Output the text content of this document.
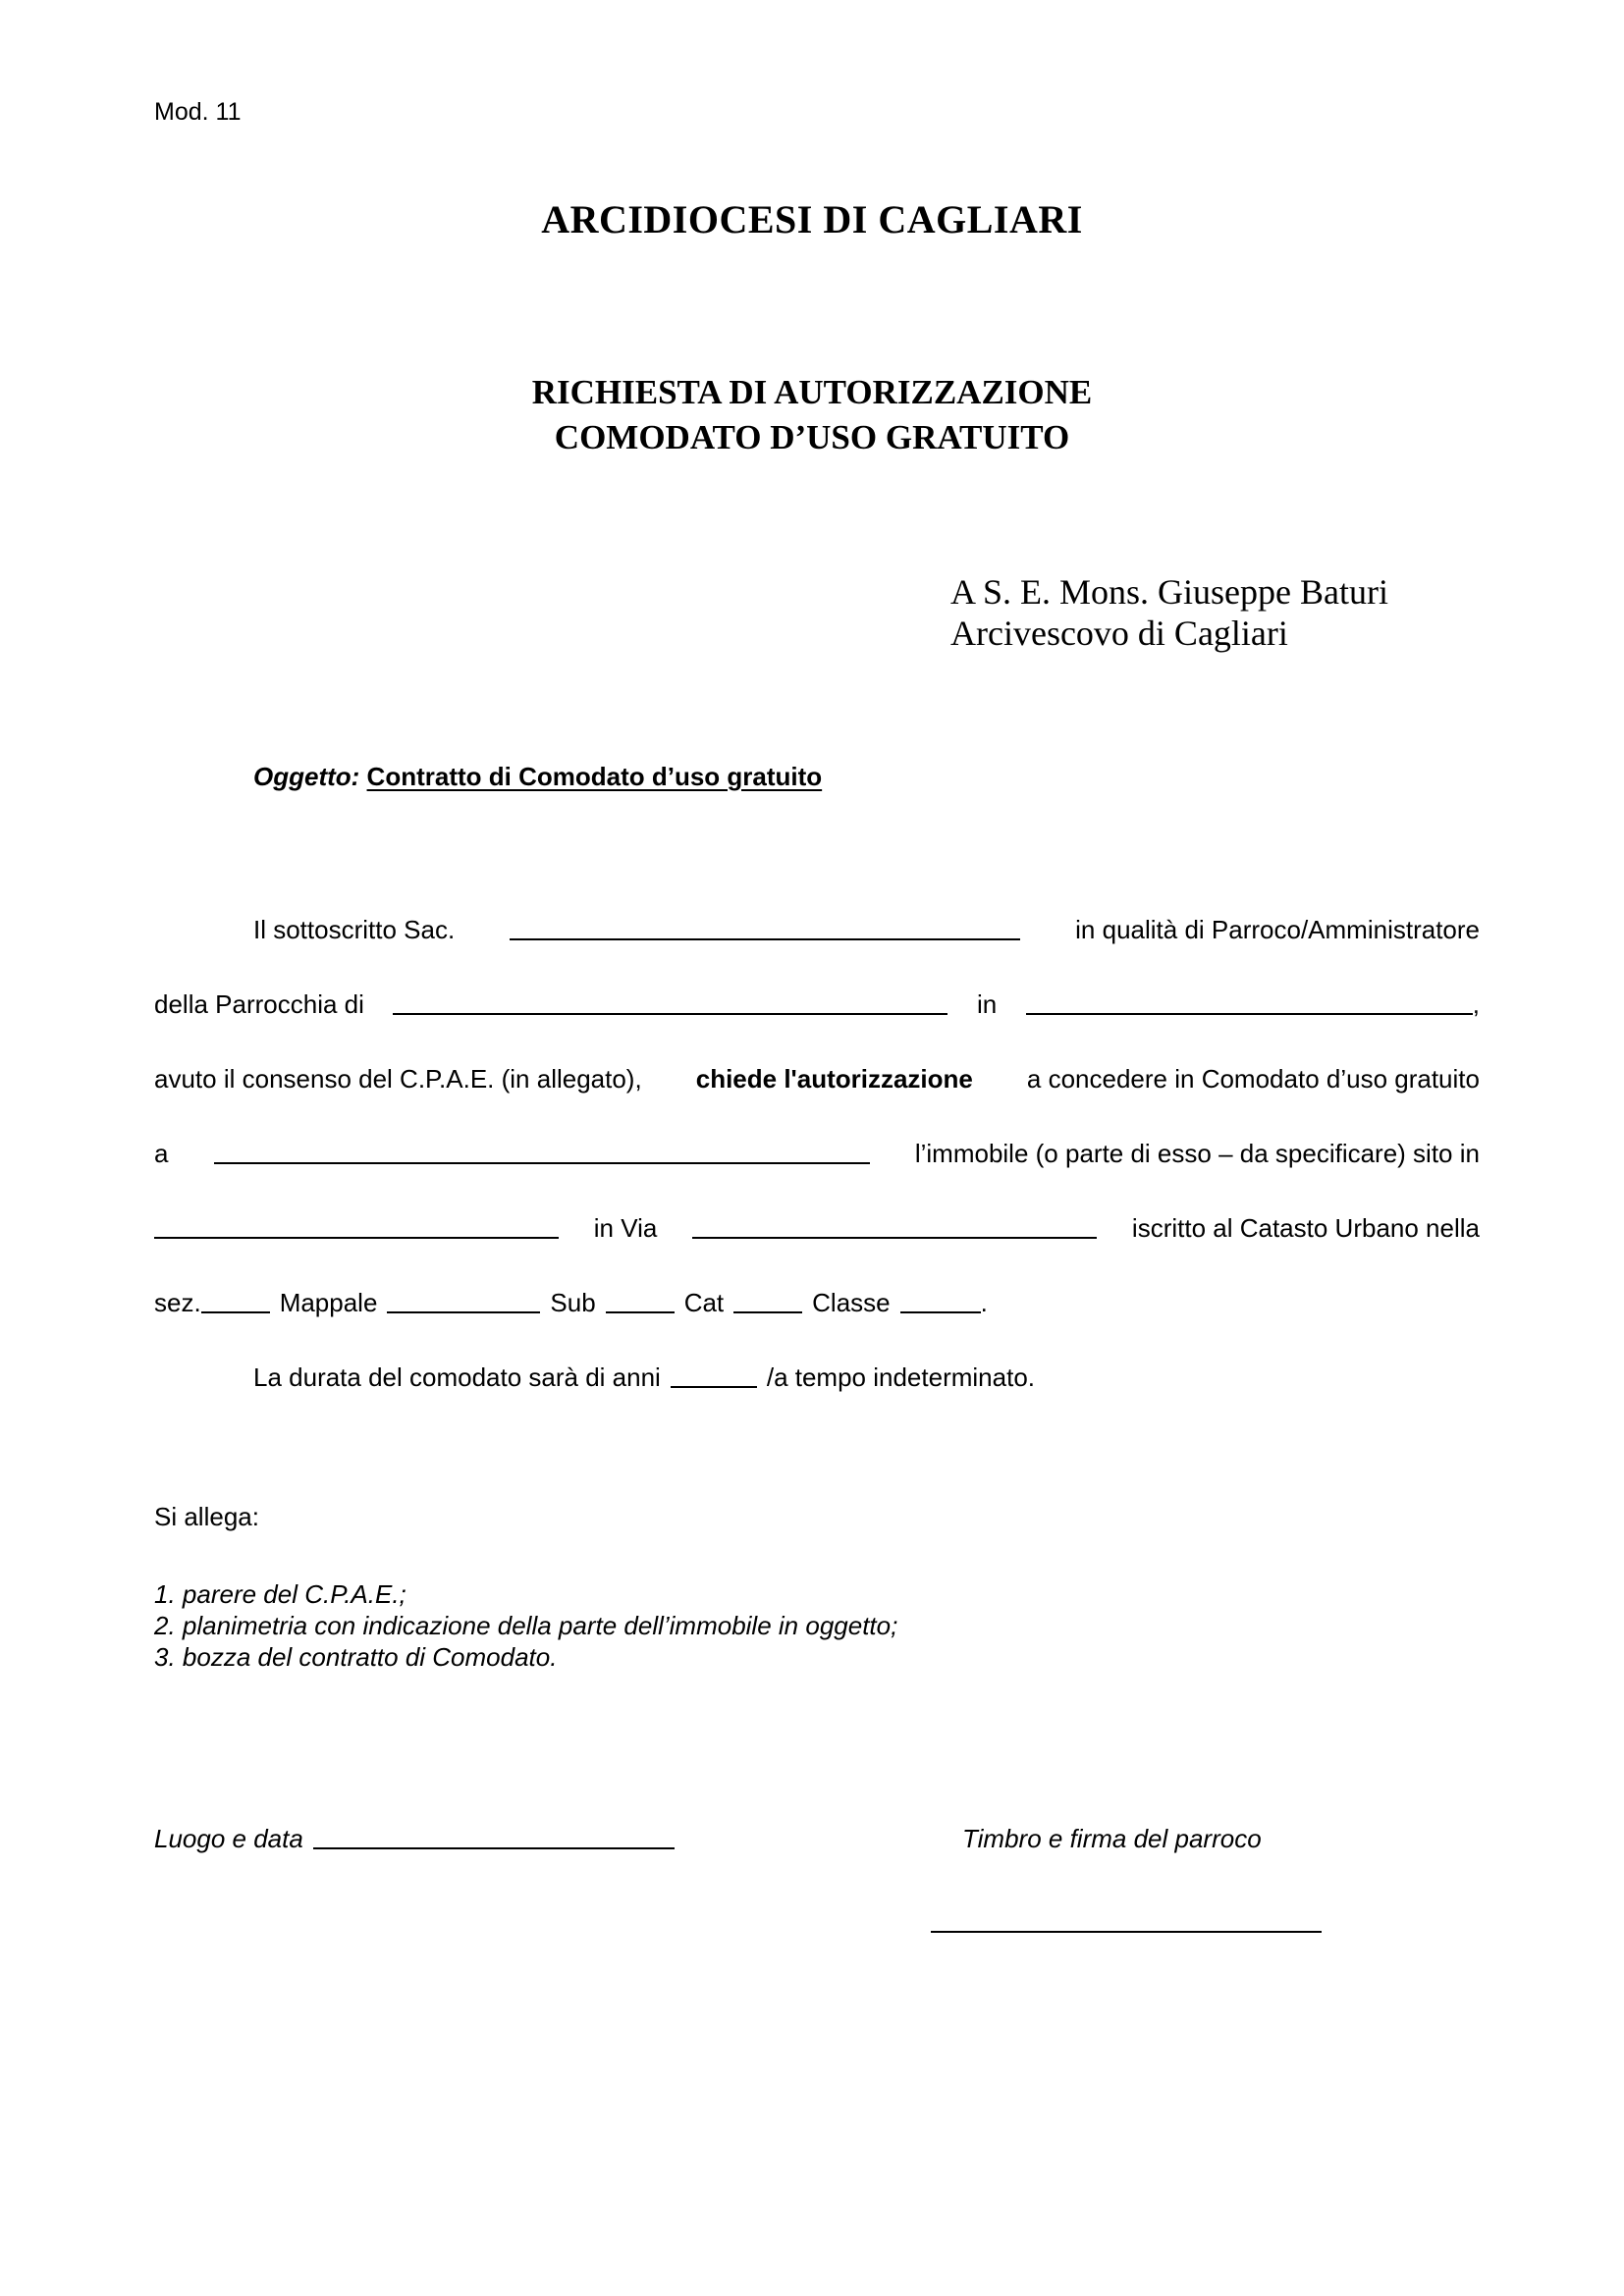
Mod. 11
ARCIDIOCESI DI CAGLIARI
RICHIESTA DI AUTORIZZAZIONE
COMODATO D’USO GRATUITO
A S. E. Mons. Giuseppe Baturi
Arcivescovo di Cagliari
Oggetto: Contratto di Comodato d’uso gratuito
Il sottoscritto Sac.	in qualità di Parroco/Amministratore
della Parrocchia di	in	,
avuto il consenso del C.P.A.E. (in allegato), chiede l'autorizzazione a concedere in Comodato d’uso gratuito
a	l’immobile (o parte di esso – da specificare) sito in
in Via	iscritto al Catasto Urbano nella
sez.	Mappale	Sub	Cat	Classe	.
La durata del comodato sarà di anni	/a tempo indeterminato.
Si allega:
1. parere del C.P.A.E.;
2. planimetria con indicazione della parte dell’immobile in oggetto;
3. bozza del contratto di Comodato.
Luogo e data	Timbro e firma del parroco
